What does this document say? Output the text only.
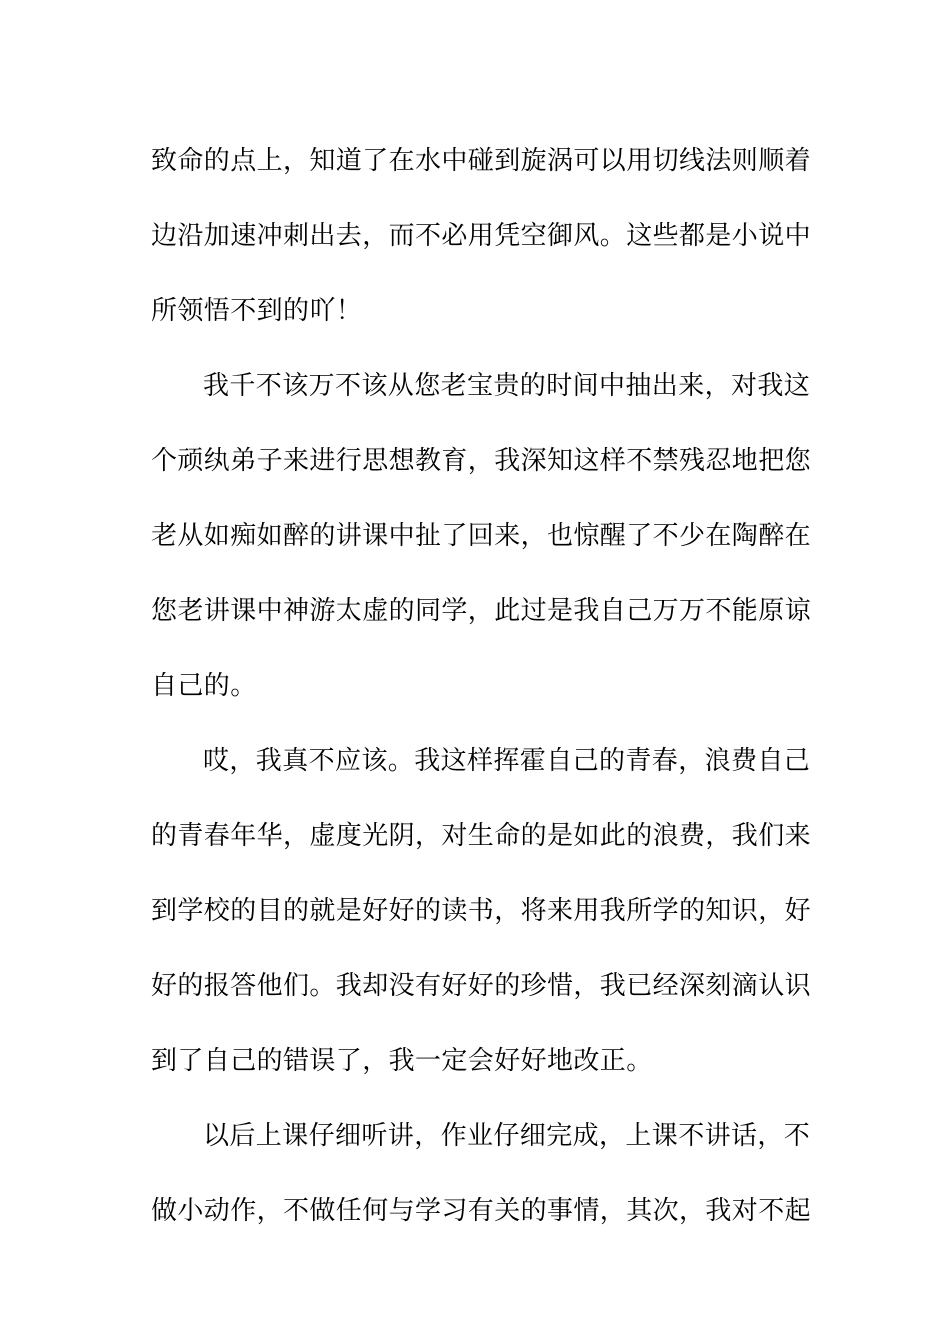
致命的点上，知道了在水中碰到旋涡可以用切线法则顺着
边沿加速冲刺出去，而不必用凭空御风。这些都是小说中
所领悟不到的吖！
我千不该万不该从您老宝贵的时间中抽出来，对我这
个顽纨弟子来进行思想教育，我深知这样不禁残忍地把您
老从如痴如醉的讲课中扯了回来，也惊醒了不少在陶醉在
您老讲课中神游太虚的同学，此过是我自己万万不能原谅
自己的。
哎，我真不应该。我这样挥霍自己的青春，浪费自己
的青春年华，虚度光阴，对生命的是如此的浪费，我们来
到学校的目的就是好好的读书，将来用我所学的知识，好
好的报答他们。我却没有好好的珍惜，我已经深刻滴认识
到了自己的错误了，我一定会好好地改正。
以后上课仔细听讲，作业仔细完成，上课不讲话，不
做小动作，不做任何与学习有关的事情，其次，我对不起
